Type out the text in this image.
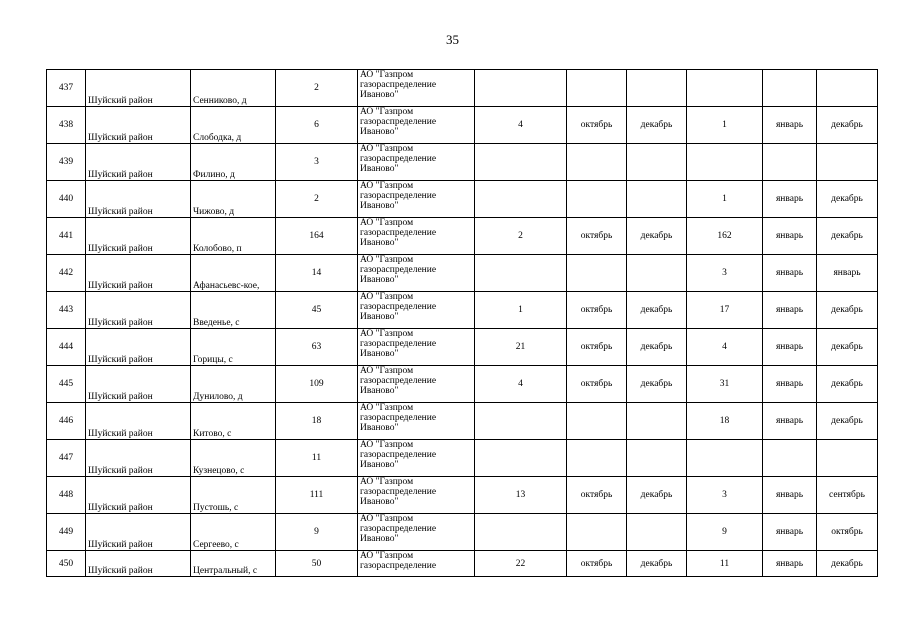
35
437	Шуйский район	Сенниково, д	2	АО "Газпром
газораспределение
Иваново"						

438	Шуйский район	Слободка, д	6	АО "Газпром
газораспределение
Иваново"	4	октябрь	декабрь	1	январь	декабрь
439	Шуйский район	Филино, д	3	АО "Газпром
газораспределение
Иваново"						

440	Шуйский район	Чижово, д	2	АО "Газпром
газораспределение
Иваново"				1	январь	декабрь
441	Шуйский район	Колобово, п	164	АО "Газпром
газораспределение
Иваново"	2	октябрь	декабрь	162	январь	декабрь
442	Шуйский район	Афанасьевс-кое,	14	АО "Газпром
газораспределение
Иваново"				3	январь	январь
443	Шуйский район	Введенье, с	45	АО "Газпром
газораспределение
Иваново"	1	октябрь	декабрь	17	январь	декабрь
444	Шуйский район	Горицы, с	63	АО "Газпром
газораспределение
Иваново"	21	октябрь	декабрь	4	январь	декабрь
445	Шуйский район	Дунилово, д	109	АО "Газпром
газораспределение
Иваново"	4	октябрь	декабрь	31	январь	декабрь
446	Шуйский район	Китово, с	18	АО "Газпром
газораспределение
Иваново"				18	январь	декабрь
447	Шуйский район	Кузнецово, с	11	АО "Газпром
газораспределение
Иваново"						

448	Шуйский район	Пустошь, с	111	АО "Газпром
газораспределение
Иваново"	13	октябрь	декабрь	3	январь	сентябрь
449	Шуйский район	Сергеево, с	9	АО "Газпром
газораспределение
Иваново"				9	январь	октябрь
450	Шуйский район	Центральный, с	50	АО "Газпром
газораспределение	22	октябрь	декабрь	11	январь	декабрь
